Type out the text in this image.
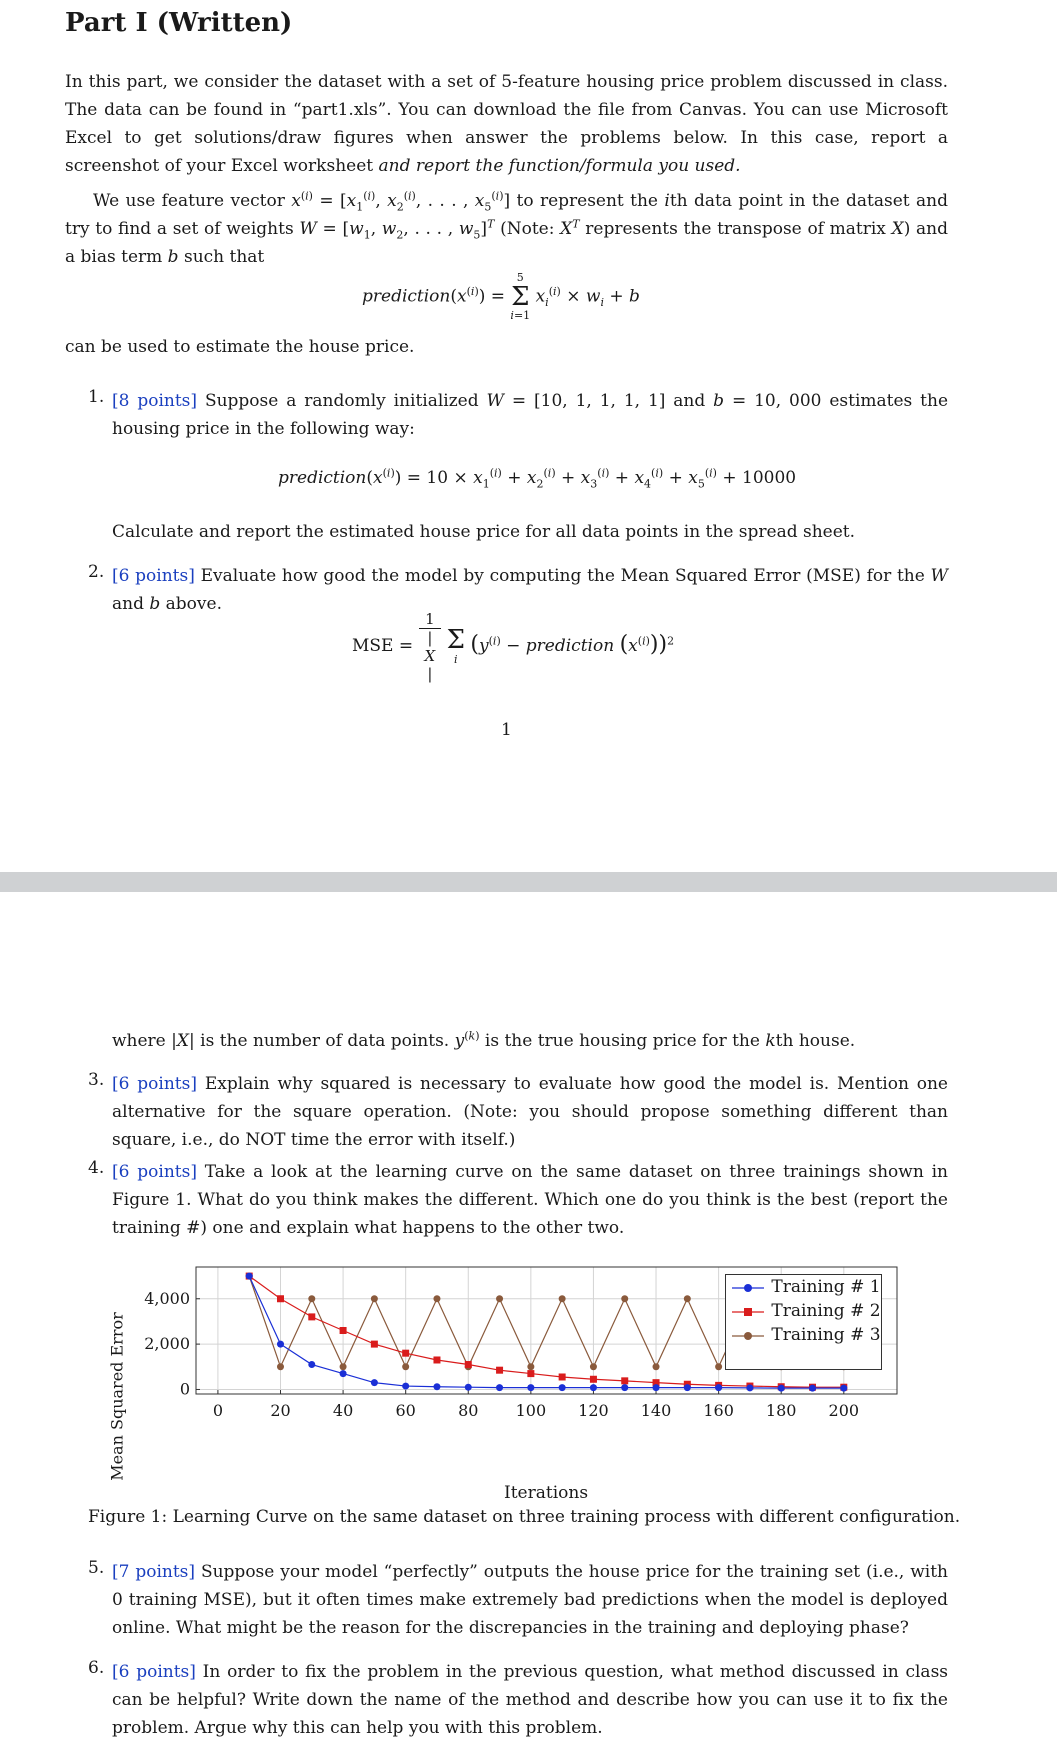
Part I (Written)

In this part, we consider the dataset with a set of 5-feature housing price problem discussed in class. The data can be found in “part1.xls”. You can download the file from Canvas. You can use Microsoft Excel to get solutions/draw figures when answer the problems below. In this case, report a screenshot of your Excel worksheet and report the function/formula you used.

We use feature vector $x^{(i)} = [x_1^{(i)}$, $x_2^{(i)}$, . . . , $x_5^{(i)}$] to represent the ith data point in the dataset and try to find a set of weights $W = [w_1$, $w_2$, . . . , $w_5]^T$ (Note: $X^T$ represents the transpose of matrix X) and a bias term b such that

$prediction(x^{(i)})$ =
5
Σ
i=1
$x_i^{(i)} \times w_i + b$

can be used to estimate the house price.

1. [8 points] Suppose a randomly initialized W = [10, 1, 1, 1, 1] and b = 10, 000 estimates the housing price in the following way:

$prediction(x^{(i)}) = 10 \times x_1^{(i)} + x_2^{(i)} + x_3^{(i)} + x_4^{(i)} + x_5^{(i)} + 10000$

Calculate and report the estimated house price for all data points in the spread sheet.

2. [6 points] Evaluate how good the model by computing the Mean Squared Error (MSE) for the W and b above.

MSE = 1
|
X
|
Σ
i
($y^{(i)}$ − prediction $(x^{(i)}))^2$
1

where |X| is the number of data points. $y^{(k)}$ is the true housing price for the kth house.

3. [6 points] Explain why squared is necessary to evaluate how good the model is. Mention one alternative for the square operation. (Note: you should propose something different than square, i.e., do NOT time the error with itself.)

4. [6 points] Take a look at the learning curve on the same dataset on three trainings shown in Figure 1. What do you think makes the different. Which one do you think is the best (report the training #) one and explain what happens to the other two.

0	20	40	60	80 100 120 140 160 180 200
0
2,000
4,000
Iterations
Training # 1
Training # 2
Training # 3
Mean Squared Error

Figure 1: Learning Curve on the same dataset on three training process with different configuration.

5. [7 points] Suppose your model “perfectly” outputs the house price for the training set (i.e., with 0 training MSE), but it often times make extremely bad predictions when the model is deployed online. What might be the reason for the discrepancies in the training and deploying phase?

6. [6 points] In order to fix the problem in the previous question, what method discussed in class can be helpful? Write down the name of the method and describe how you can use it to fix the problem. Argue why this can help you with this problem.
